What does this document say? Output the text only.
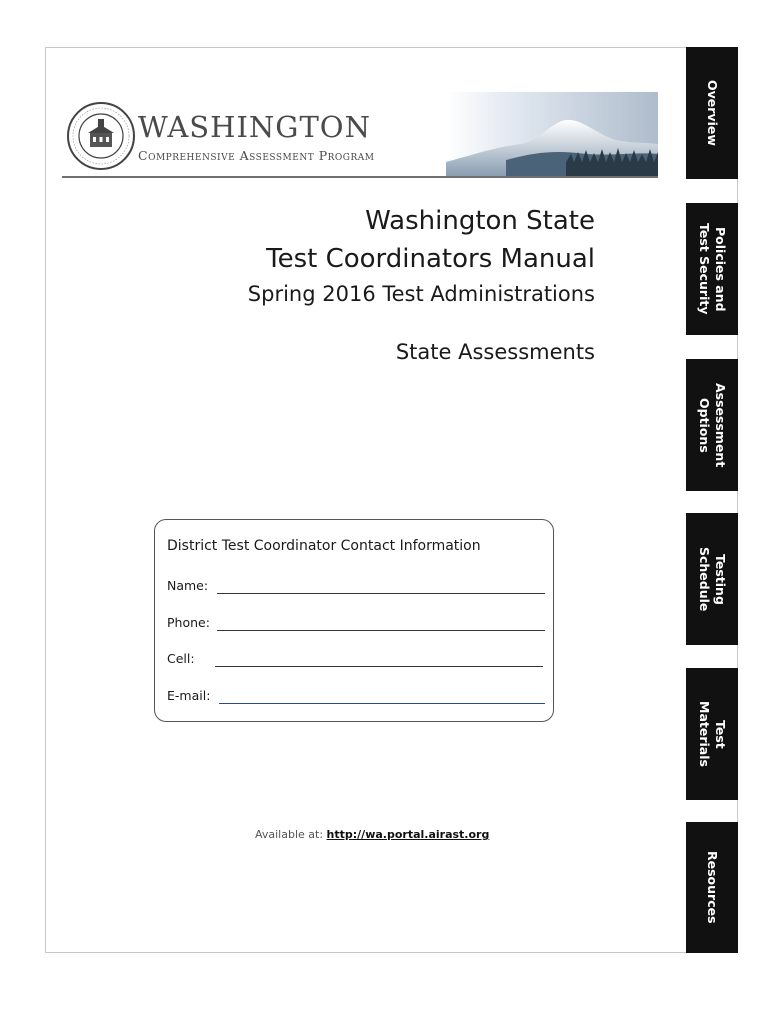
WASHINGTON
Comprehensive Assessment Program
Washington State
Test Coordinators Manual
Spring 2016 Test Administrations
State Assessments
District Test Coordinator Contact Information
Name:
Phone:
Cell:
E-mail:
Available at: http://wa.portal.airast.org
Overview
Policies and
Test Security
Assessment
Options
Testing
Schedule
Test
Materials
Resources
